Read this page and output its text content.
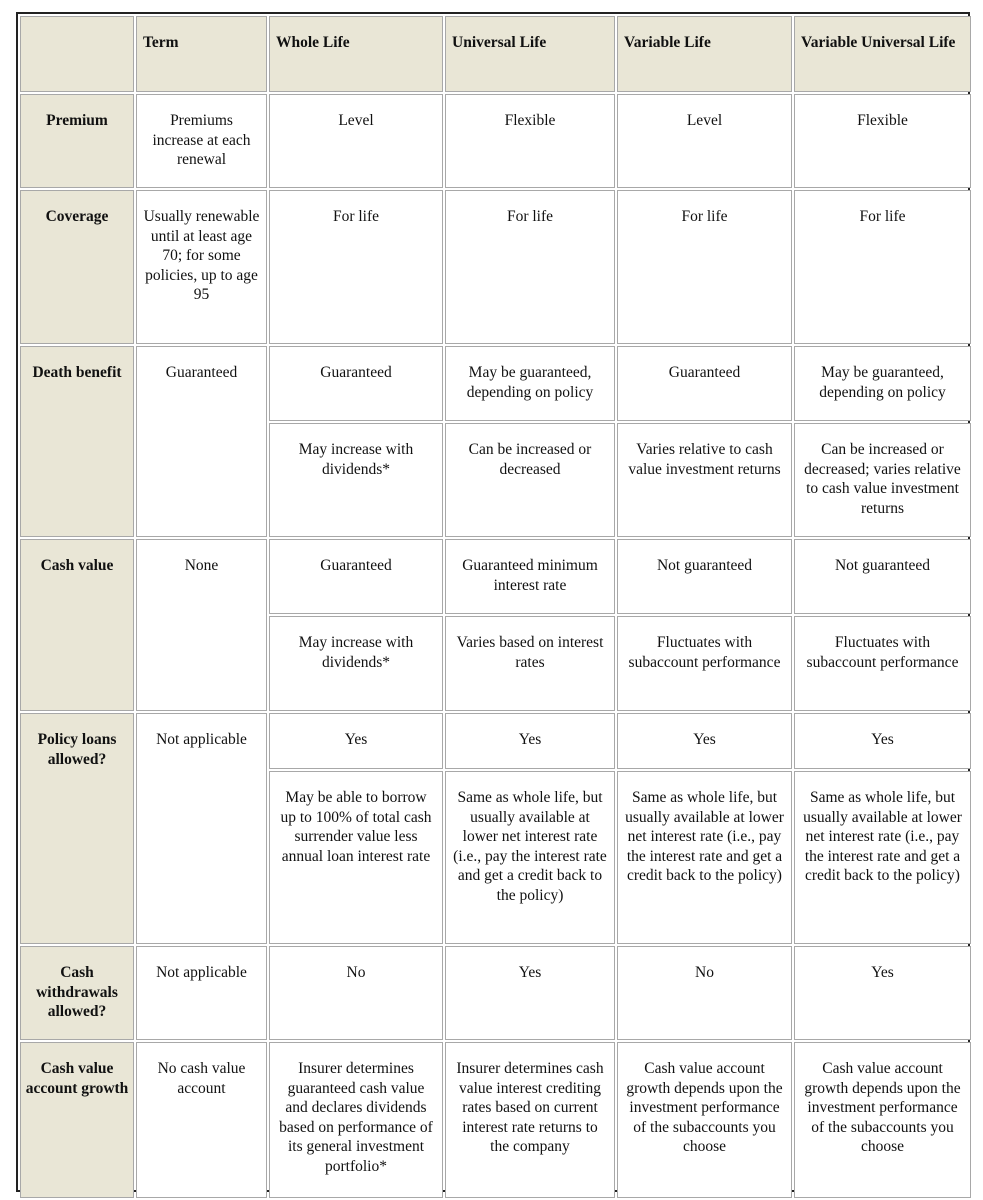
	Term	Whole Life	Universal Life	Variable Life	Variable Universal Life
Premium	Premiums increase at each renewal	Level	Flexible	Level	Flexible
Coverage	Usually renewable until at least age 70; for some policies, up to age 95	For life	For life	For life	For life
Death benefit	Guaranteed	Guaranteed	May be guaranteed, depending on policy	Guaranteed	May be guaranteed, depending on policy
		May increase with dividends*	Can be increased or decreased	Varies relative to cash value investment returns	Can be increased or decreased; varies relative to cash value investment returns
Cash value	None	Guaranteed	Guaranteed minimum interest rate	Not guaranteed	Not guaranteed
		May increase with dividends*	Varies based on interest rates	Fluctuates with subaccount performance	Fluctuates with subaccount performance
Policy loans allowed?	Not applicable	Yes	Yes	Yes	Yes
		May be able to borrow up to 100% of total cash surrender value less annual loan interest rate	Same as whole life, but usually available at lower net interest rate (i.e., pay the interest rate and get a credit back to the policy)	Same as whole life, but usually available at lower net interest rate (i.e., pay the interest rate and get a credit back to the policy)	Same as whole life, but usually available at lower net interest rate (i.e., pay the interest rate and get a credit back to the policy)
Cash withdrawals allowed?	Not applicable	No	Yes	No	Yes
Cash value account growth	No cash value account	Insurer determines guaranteed cash value and declares dividends based on performance of its general investment portfolio*	Insurer determines cash value interest crediting rates based on current interest rate returns to the company	Cash value account growth depends upon the investment performance of the subaccounts you choose	Cash value account growth depends upon the investment performance of the subaccounts you choose
